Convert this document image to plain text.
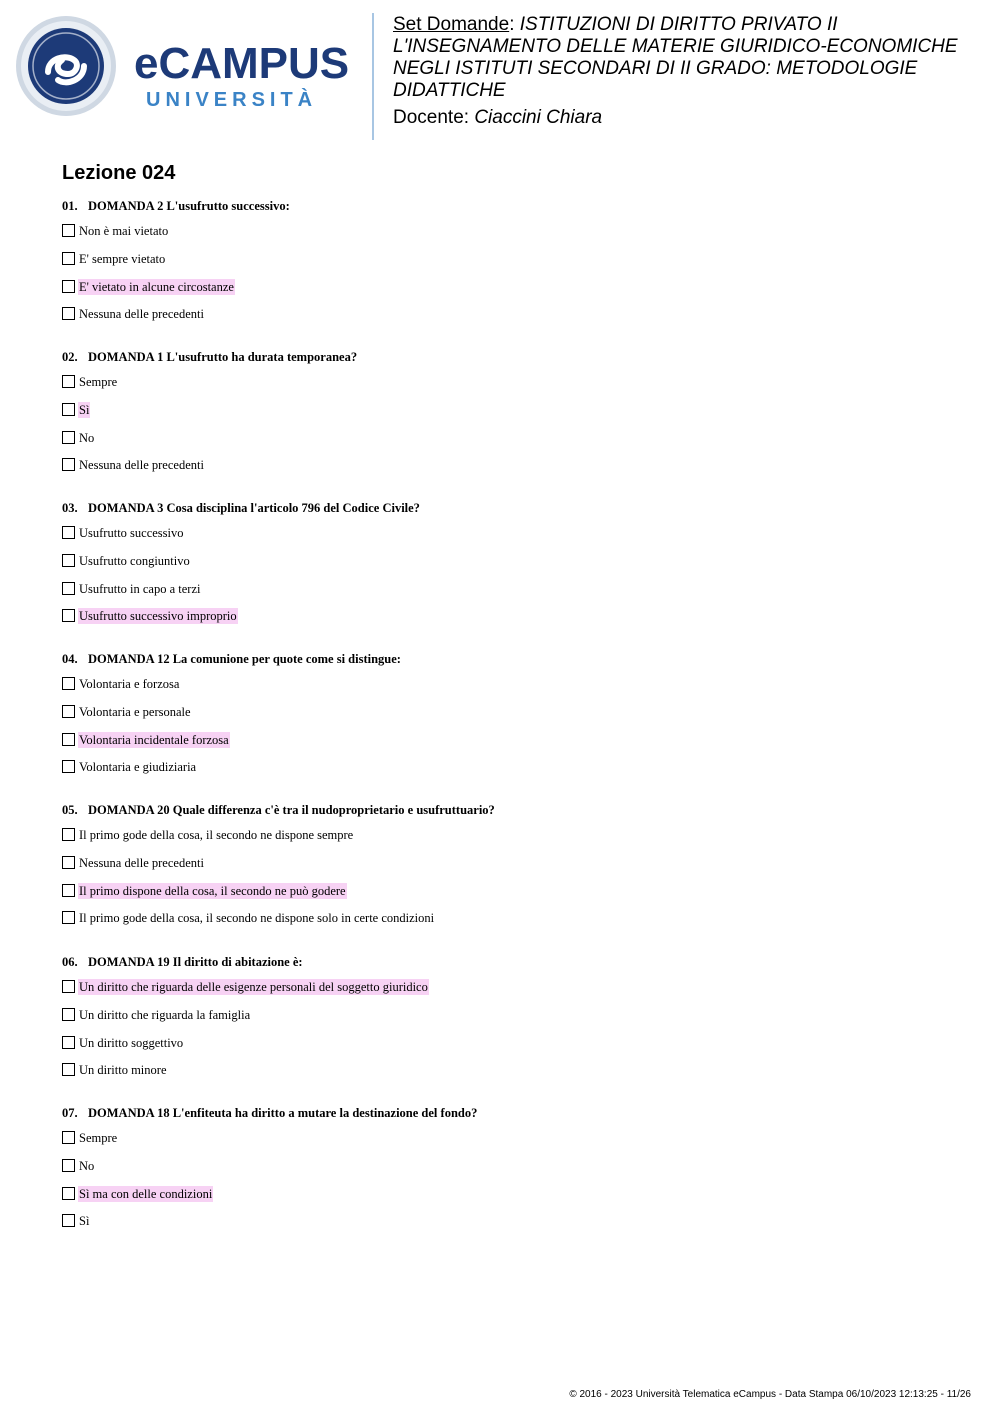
eCAMPUS
UNIVERSITÀ
Set Domande: ISTITUZIONI DI DIRITTO PRIVATO II
L'INSEGNAMENTO DELLE MATERIE GIURIDICO-ECONOMICHE
NEGLI ISTITUTI SECONDARI DI II GRADO: METODOLOGIE
DIDATTICHE
Docente: Ciaccini Chiara
Lezione 024
01. DOMANDA 2 L'usufrutto successivo:
Non è mai vietato
E' sempre vietato
E' vietato in alcune circostanze
Nessuna delle precedenti
02. DOMANDA 1 L'usufrutto ha durata temporanea?
Sempre
Sì
No
Nessuna delle precedenti
03. DOMANDA 3 Cosa disciplina l'articolo 796 del Codice Civile?
Usufrutto successivo
Usufrutto congiuntivo
Usufrutto in capo a terzi
Usufrutto successivo improprio
04. DOMANDA 12 La comunione per quote come si distingue:
Volontaria e forzosa
Volontaria e personale
Volontaria incidentale forzosa
Volontaria e giudiziaria
05. DOMANDA 20 Quale differenza c'è tra il nudoproprietario e usufruttuario?
Il primo gode della cosa, il secondo ne dispone sempre
Nessuna delle precedenti
Il primo dispone della cosa, il secondo ne può godere
Il primo gode della cosa, il secondo ne dispone solo in certe condizioni
06. DOMANDA 19 Il diritto di abitazione è:
Un diritto che riguarda delle esigenze personali del soggetto giuridico
Un diritto che riguarda la famiglia
Un diritto soggettivo
Un diritto minore
07. DOMANDA 18 L'enfiteuta ha diritto a mutare la destinazione del fondo?
Sempre
No
Sì ma con delle condizioni
Sì
© 2016 - 2023 Università Telematica eCampus - Data Stampa 06/10/2023 12:13:25 - 11/26
